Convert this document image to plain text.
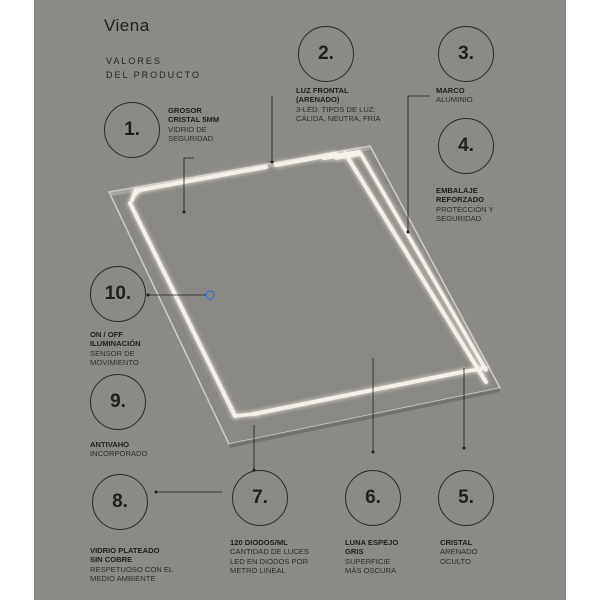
Viena
VALORES
DEL PRODUCTO
1.
GROSOR
CRISTAL 5MM
VIDRIO DE
SEGURIDAD
2.
LUZ FRONTAL
(ARENADO)
3-LED. TIPOS DE LUZ:
CÁLIDA, NEUTRA, FRÍA
3.
MARCO
ALUMINIO
4.
EMBALAJE
REFORZADO
PROTECCIÓN Y
SEGURIDAD
10.
ON / OFF
ILUMINACIÓN
SENSOR DE
MOVIMIENTO
9.
ANTIVAHO
INCORPORADO
8.
VIDRIO PLATEADO
SIN COBRE
RESPETUOSO CON EL
MEDIO AMBIENTE
7.
120 DIODOS/ML
CANTIDAD DE LUCES
LED EN DIODOS POR
METRO LINEAL
6.
LUNA ESPEJO
GRIS
SUPERFICIE
MÁS OSCURA
5.
CRISTAL
ARENADO
OCULTO
